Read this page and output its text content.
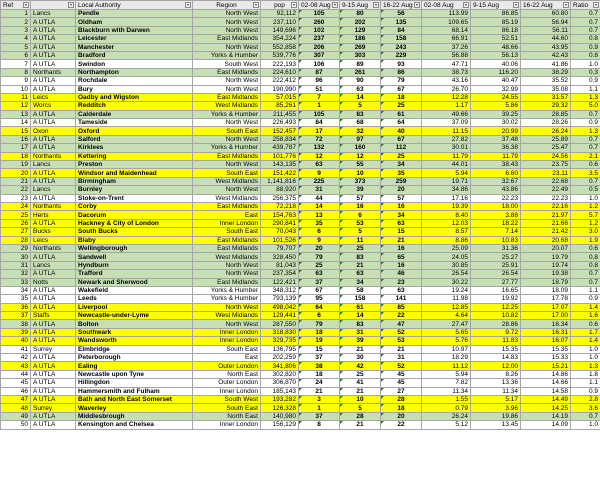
Ref		Local Authority	Region	pop	02-08 Aug	9-15 Aug	16-22 Aug	02-08 Aug	9-15 Aug	16-22 Aug	Ratio

1	Lancs	Pendle	North West	92,112	105	80	56	113.99	86.85	60.80	0.7
2	A UTLA	Oldham	North West	237,110	260	202	135	109.65	85.19	56.94	0.7
3	A UTLA	Blackburn with Darwen	North West	149,696	102	129	84	68.14	86.18	56.11	0.7
4	A UTLA	Leicester	East Midlands	354,224	237	186	158	66.91	52.51	44.60	0.8
5	A UTLA	Manchester	North West	552,858	206	269	243	37.26	48.66	43.95	0.9
6	A UTLA	Bradford	Yorks & Humber	539,776	307	303	229	56.88	56.13	42.43	0.8
7	A UTLA	Swindon	South West	222,193	106	89	93	47.71	40.06	41.86	1.0
8	Northants	Northampton	East Midlands	224,610	87	261	86	38.73	116.20	38.29	0.3
9	A UTLA	Rochdale	North West	222,412	96	90	79	43.16	40.47	35.52	0.9
10	A UTLA	Bury	North West	190,990	51	63	67	26.70	32.99	35.08	1.1
11	Leics	Oadby and Wigston	East Midlands	57,015	7	14	18	12.28	24.55	31.57	1.3
12	Worcs	Redditch	West Midlands	85,261	1	5	25	1.17	5.86	29.32	5.0
13	A UTLA	Calderdale	Yorks & Humber	211,455	105	83	61	49.66	39.25	28.85	0.7
14	A UTLA	Tameside	North West	226,493	84	68	64	37.09	30.02	28.26	0.9
15	Oxon	Oxford	South East	152,457	17	32	40	11.15	20.99	26.24	1.3
16	A UTLA	Salford	North West	258,834	72	97	67	27.82	37.48	25.89	0.7
17	A UTLA	Kirklees	Yorks & Humber	439,787	132	160	112	30.01	36.38	25.47	0.7
18	Northants	Kettering	East Midlands	101,776	12	12	25	11.79	11.79	24.56	2.1
19	Lancs	Preston	North West	143,135	63	55	34	44.01	38.43	23.75	0.6
20	A UTLA	Windsor and Maidenhead	South East	151,422	9	10	35	5.94	6.60	23.11	3.5
21	A UTLA	Birmingham	West Midlands	1,141,816	225	373	259	19.71	32.67	22.68	0.7
22	Lancs	Burnley	North West	88,920	31	39	20	34.86	43.86	22.49	0.5
23	A UTLA	Stoke-on-Trent	West Midlands	256,375	44	57	57	17.16	22.23	22.23	1.0
24	Northants	Corby	East Midlands	72,218	14	16	16	19.39	18.00	22.16	1.2
25	Herts	Dacorum	East	154,763	13	6	34	8.40	3.88	21.97	5.7
26	A UTLA	Hackney & City of London	Inner London	290,841	35	53	63	12.03	18.22	21.66	1.2
27	Bucks	South Bucks	South East	70,043	6	5	15	8.57	7.14	21.42	3.0
28	Leics	Blaby	East Midlands	101,526	9	11	21	8.86	10.83	20.68	1.9
29	Northants	Wellingborough	East Midlands	79,707	20	25	16	25.09	31.36	20.07	0.6
30	A UTLA	Sandwell	West Midlands	328,450	79	83	65	24.05	25.27	19.79	0.8
31	Lancs	Hyndburn	North West	81,043	25	21	16	30.85	25.91	19.74	0.8
32	A UTLA	Trafford	North West	237,354	63	63	46	26.54	26.54	19.38	0.7
33	Notts	Newark and Sherwood	East Midlands	122,421	37	34	23	30.22	27.77	18.79	0.7
34	A UTLA	Wakefield	Yorks & Humber	348,312	67	58	63	19.24	16.65	18.09	1.1
35	A UTLA	Leeds	Yorks & Humber	793,139	95	158	141	11.98	19.92	17.78	0.9
36	A UTLA	Liverpool	North West	498,042	64	61	85	12.85	12.25	17.07	1.4
37	Staffs	Newcastle-under-Lyme	West Midlands	129,441	6	14	22	4.64	10.82	17.00	1.6
38	A UTLA	Bolton	North West	287,550	79	83	47	27.47	28.86	16.34	0.6
39	A UTLA	Southwark	Inner London	318,830	18	31	52	5.65	9.72	16.31	1.7
40	A UTLA	Wandsworth	Inner London	329,735	19	39	53	5.76	11.83	16.07	1.4
41	Surrey	Elmbridge	South East	136,795	15	21	21	10.97	15.35	15.35	1.0
42	A UTLA	Peterborough	East	202,259	37	30	31	18.29	14.83	15.33	1.0
43	A UTLA	Ealing	Outer London	341,806	38	42	52	11.12	12.00	15.21	1.3
44	A UTLA	Newcastle upon Tyne	North East	302,820	18	25	45	5.94	8.26	14.86	1.8
45	A UTLA	Hillingdon	Outer London	306,870	24	41	45	7.82	13.36	14.66	1.1
46	A UTLA	Hammersmith and Fulham	Inner London	185,143	21	21	27	11.34	11.34	14.58	0.9
47	A UTLA	Bath and North East Somerset	South West	193,282	3	10	28	1.55	5.17	14.49	2.8
48	Surrey	Waverley	South East	126,328	1	5	18	0.79	3.96	14.25	3.6
49	A UTLA	Middlesbrough	North East	140,980	37	28	20	26.24	19.86	14.19	0.7
50	A UTLA	Kensington and Chelsea	Inner London	156,129	8	21	22	5.12	13.45	14.09	1.0
